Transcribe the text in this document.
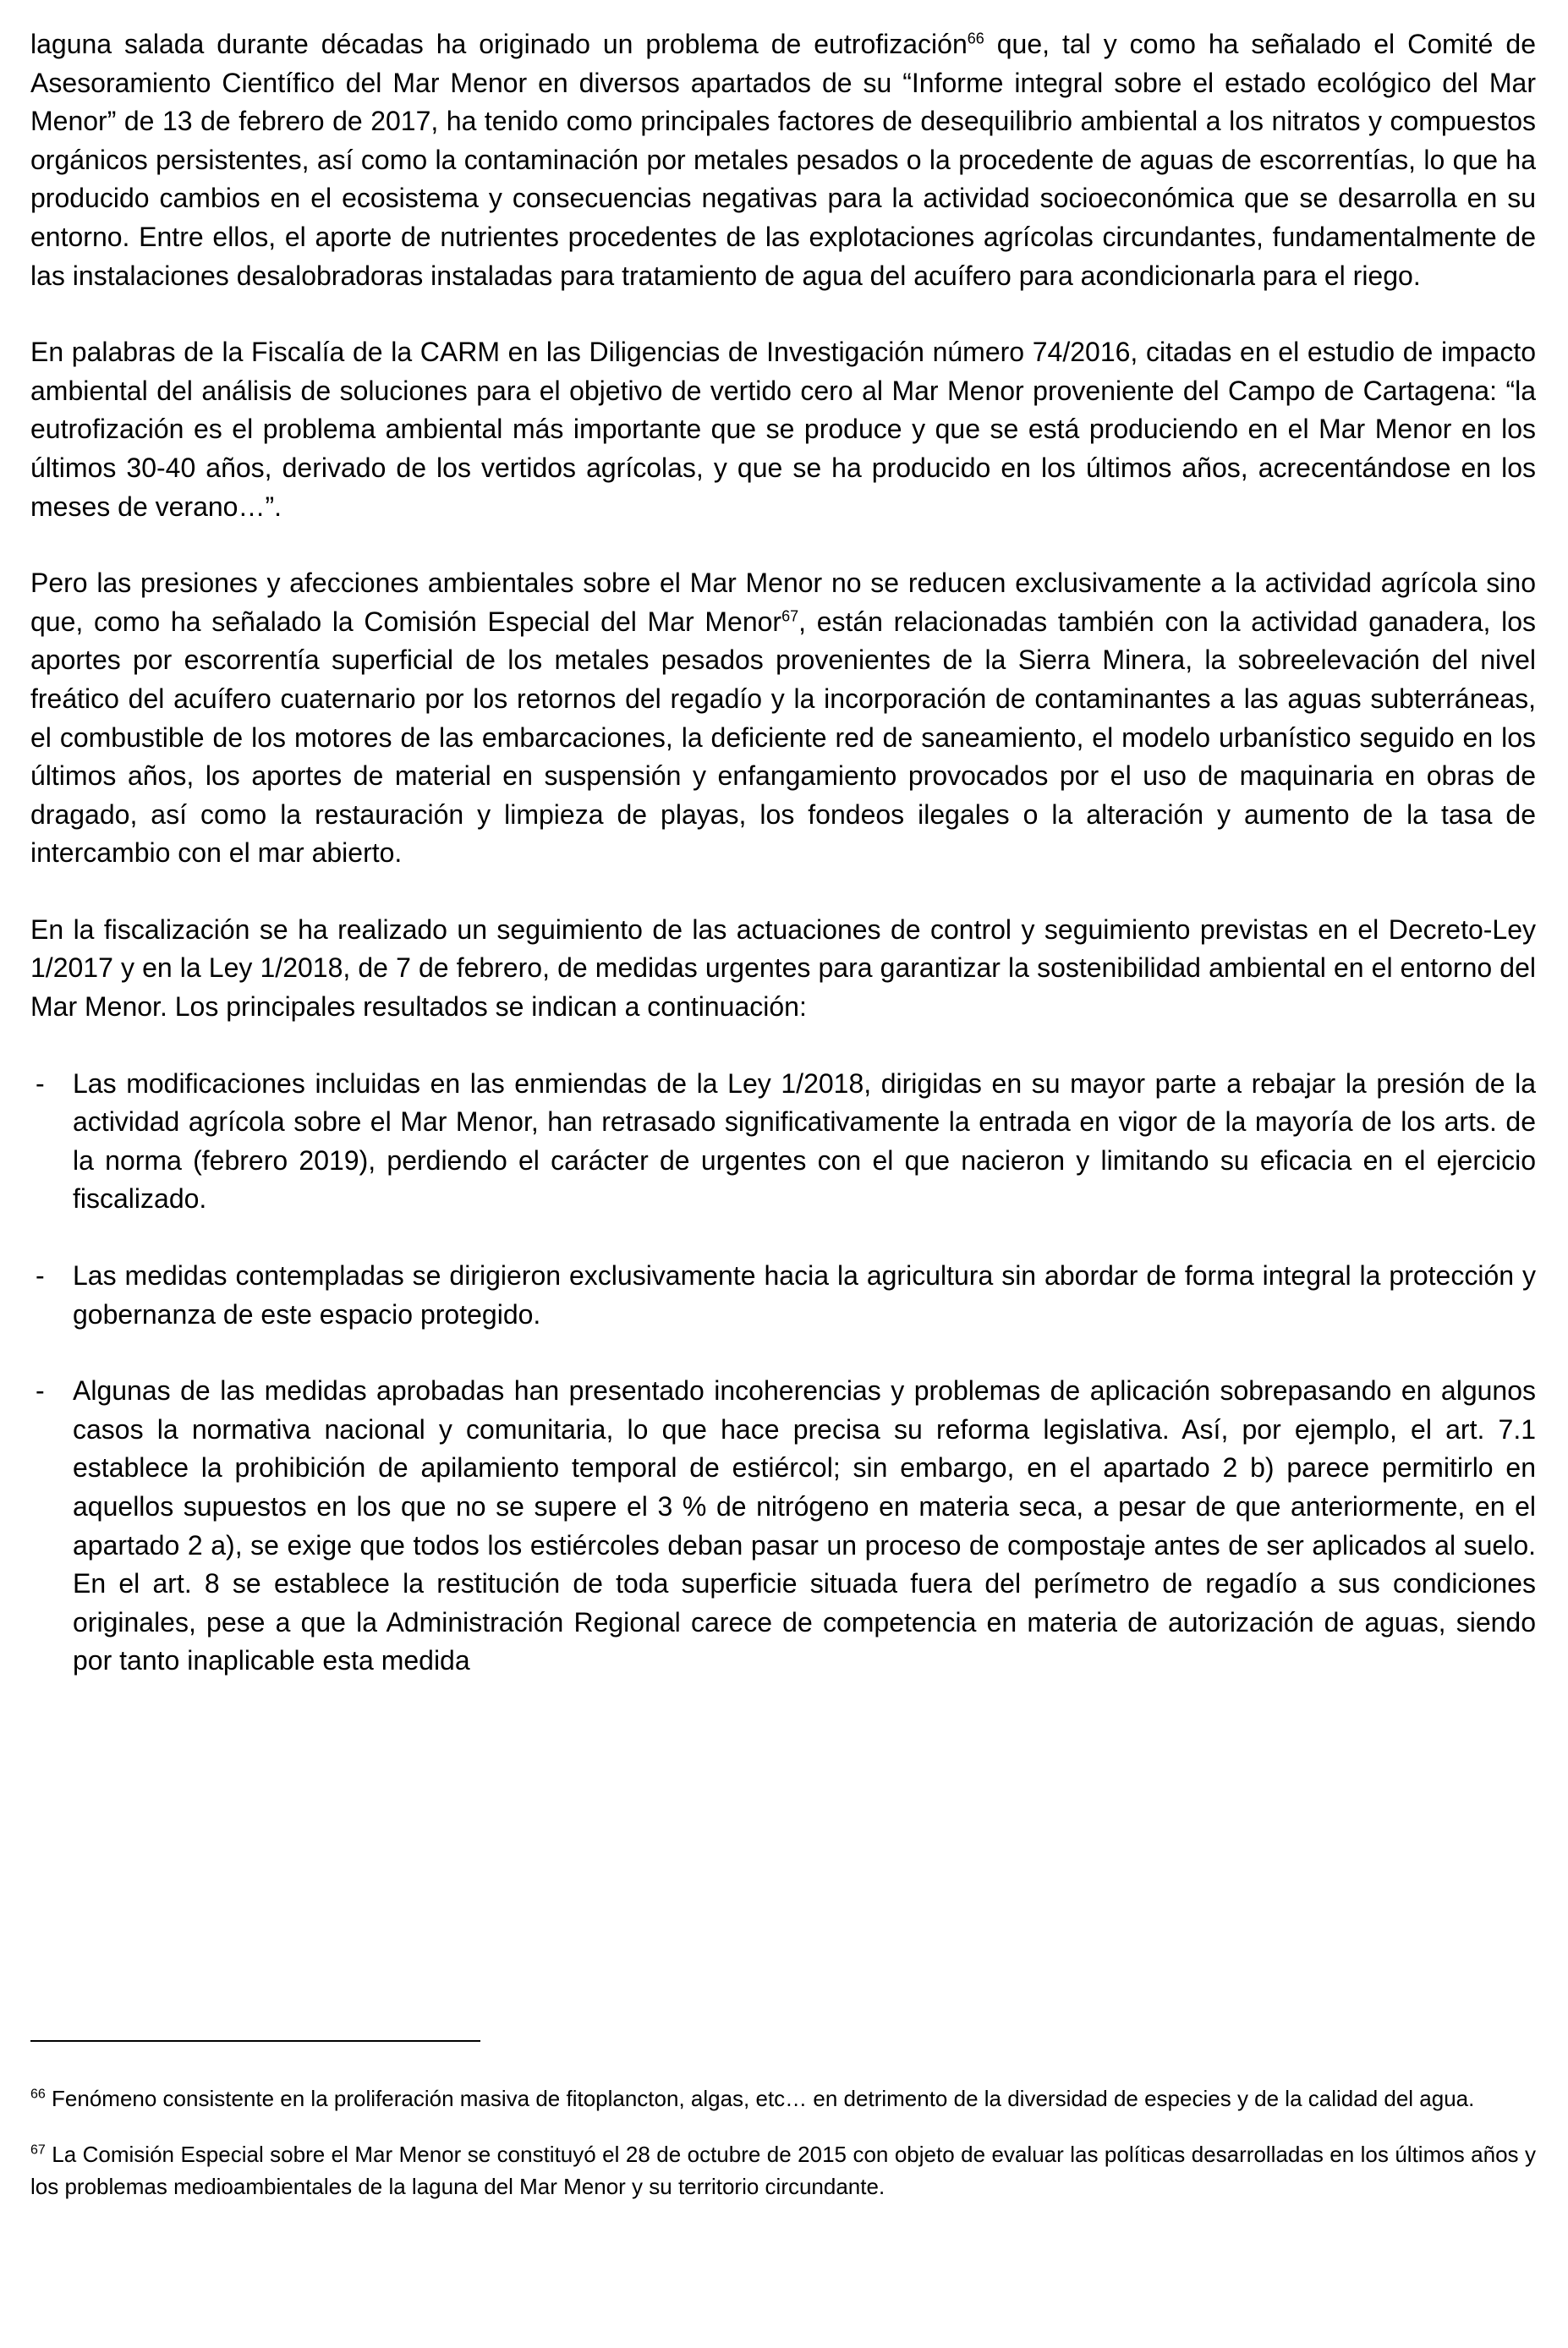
laguna salada durante décadas ha originado un problema de eutrofización$^{66}$ que, tal y como ha señalado el Comité de Asesoramiento Científico del Mar Menor en diversos apartados de su “Informe integral sobre el estado ecológico del Mar Menor” de 13 de febrero de 2017, ha tenido como principales factores de desequilibrio ambiental a los nitratos y compuestos orgánicos persistentes, así como la contaminación por metales pesados o la procedente de aguas de escorrentías, lo que ha producido cambios en el ecosistema y consecuencias negativas para la actividad socioeconómica que se desarrolla en su entorno. Entre ellos, el aporte de nutrientes procedentes de las explotaciones agrícolas circundantes, fundamentalmente de las instalaciones desalobradoras instaladas para tratamiento de agua del acuífero para acondicionarla para el riego.

En palabras de la Fiscalía de la CARM en las Diligencias de Investigación número 74/2016, citadas en el estudio de impacto ambiental del análisis de soluciones para el objetivo de vertido cero al Mar Menor proveniente del Campo de Cartagena: “la eutrofización es el problema ambiental más importante que se produce y que se está produciendo en el Mar Menor en los últimos 30-40 años, derivado de los vertidos agrícolas, y que se ha producido en los últimos años, acrecentándose en los meses de verano…”.

Pero las presiones y afecciones ambientales sobre el Mar Menor no se reducen exclusivamente a la actividad agrícola sino que, como ha señalado la Comisión Especial del Mar Menor$^{67}$, están relacionadas también con la actividad ganadera, los aportes por escorrentía superficial de los metales pesados provenientes de la Sierra Minera, la sobreelevación del nivel freático del acuífero cuaternario por los retornos del regadío y la incorporación de contaminantes a las aguas subterráneas, el combustible de los motores de las embarcaciones, la deficiente red de saneamiento, el modelo urbanístico seguido en los últimos años, los aportes de material en suspensión y enfangamiento provocados por el uso de maquinaria en obras de dragado, así como la restauración y limpieza de playas, los fondeos ilegales o la alteración y aumento de la tasa de intercambio con el mar abierto.

En la fiscalización se ha realizado un seguimiento de las actuaciones de control y seguimiento previstas en el Decreto-Ley 1/2017 y en la Ley 1/2018, de 7 de febrero, de medidas urgentes para garantizar la sostenibilidad ambiental en el entorno del Mar Menor. Los principales resultados se indican a continuación:

- Las modificaciones incluidas en las enmiendas de la Ley 1/2018, dirigidas en su mayor parte a rebajar la presión de la actividad agrícola sobre el Mar Menor, han retrasado significativamente la entrada en vigor de la mayoría de los arts. de la norma (febrero 2019), perdiendo el carácter de urgentes con el que nacieron y limitando su eficacia en el ejercicio fiscalizado.
- Las medidas contempladas se dirigieron exclusivamente hacia la agricultura sin abordar de forma integral la protección y gobernanza de este espacio protegido.
- Algunas de las medidas aprobadas han presentado incoherencias y problemas de aplicación sobrepasando en algunos casos la normativa nacional y comunitaria, lo que hace precisa su reforma legislativa. Así, por ejemplo, el art. 7.1 establece la prohibición de apilamiento temporal de estiércol; sin embargo, en el apartado 2 b) parece permitirlo en aquellos supuestos en los que no se supere el 3 % de nitrógeno en materia seca, a pesar de que anteriormente, en el apartado 2 a), se exige que todos los estiércoles deban pasar un proceso de compostaje antes de ser aplicados al suelo. En el art. 8 se establece la restitución de toda superficie situada fuera del perímetro de regadío a sus condiciones originales, pese a que la Administración Regional carece de competencia en materia de autorización de aguas, siendo por tanto inaplicable esta medida

$^{66}$ Fenómeno consistente en la proliferación masiva de fitoplancton, algas, etc… en detrimento de la diversidad de especies y de la calidad del agua.

$^{67}$ La Comisión Especial sobre el Mar Menor se constituyó el 28 de octubre de 2015 con objeto de evaluar las políticas desarrolladas en los últimos años y los problemas medioambientales de la laguna del Mar Menor y su territorio circundante.
